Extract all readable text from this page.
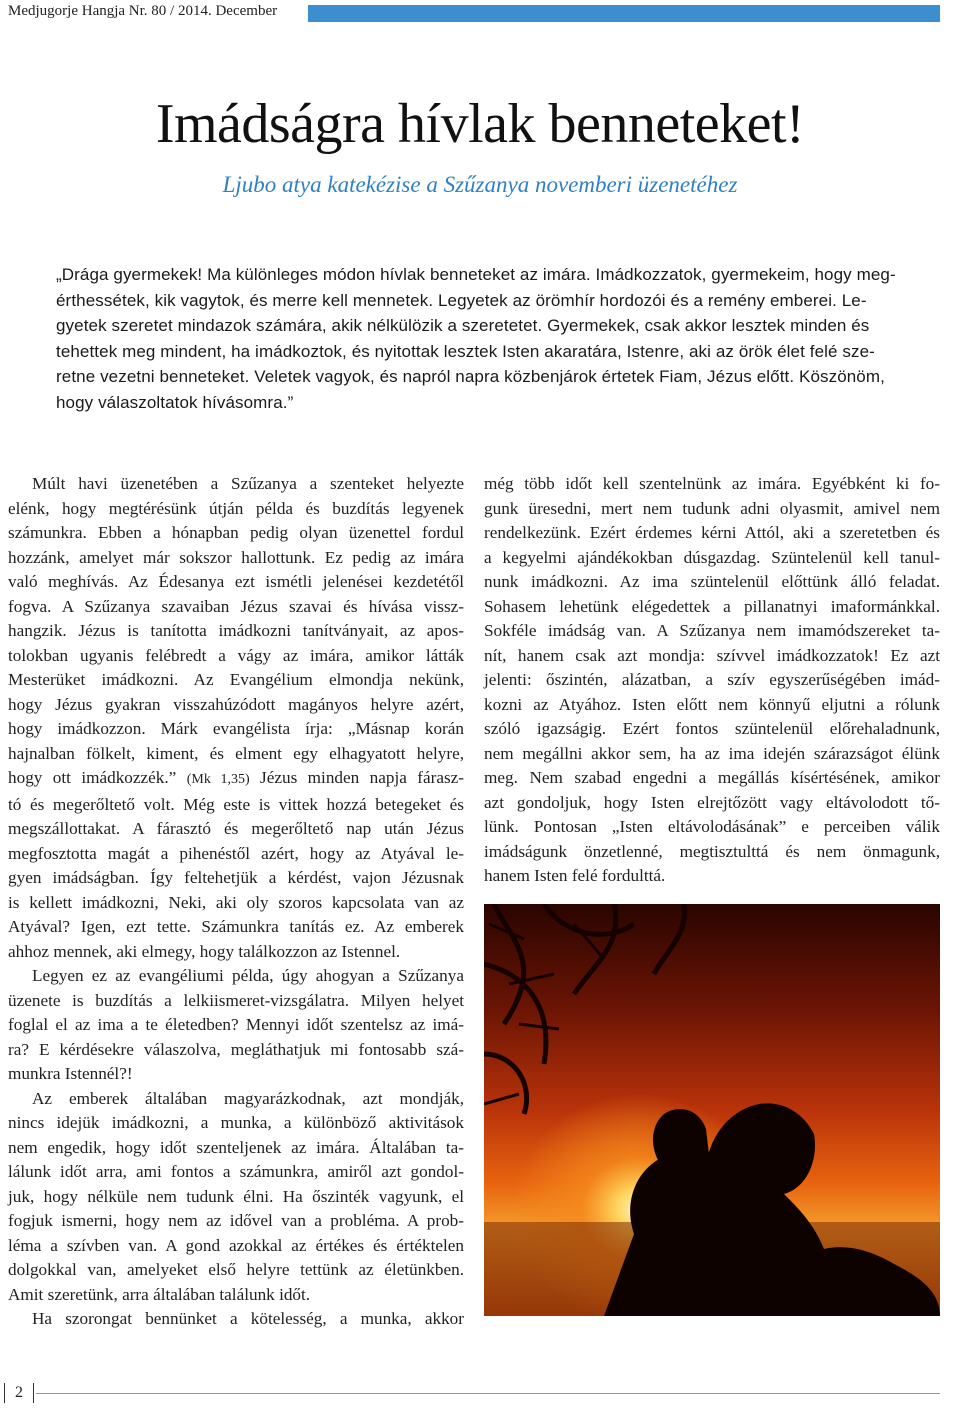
Medjugorje Hangja Nr. 80 / 2014. December
Imádságra hívlak benneteket!
Ljubo atya katekézise a Szűzanya novemberi üzenetéhez
„Drága gyermekek! Ma különleges módon hívlak benneteket az imára. Imádkozzatok, gyermekeim, hogy meg-
érthessétek, kik vagytok, és merre kell mennetek. Legyetek az örömhír hordozói és a remény emberei. Le-
gyetek szeretet mindazok számára, akik nélkülözik a szeretetet. Gyermekek, csak akkor lesztek minden és
tehettek meg mindent, ha imádkoztok, és nyitottak lesztek Isten akaratára, Istenre, aki az örök élet felé sze-
retne vezetni benneteket. Veletek vagyok, és napról napra közbenjárok értetek Fiam, Jézus előtt. Köszönöm,
hogy válaszoltatok hívásomra.”
Múlt havi üzenetében a Szűzanya a szenteket helyezte
elénk, hogy megtérésünk útján példa és buzdítás legyenek
számunkra. Ebben a hónapban pedig olyan üzenettel fordul
hozzánk, amelyet már sokszor hallottunk. Ez pedig az imára
való meghívás. Az Édesanya ezt ismétli jelenései kezdetétől
fogva. A Szűzanya szavaiban Jézus szavai és hívása vissz-
hangzik. Jézus is tanította imádkozni tanítványait, az apos-
tolokban ugyanis felébredt a vágy az imára, amikor látták
Mesterüket imádkozni. Az Evangélium elmondja nekünk,
hogy Jézus gyakran visszahúzódott magányos helyre azért,
hogy imádkozzon. Márk evangélista írja: „Másnap korán
hajnalban fölkelt, kiment, és elment egy elhagyatott helyre,
hogy ott imádkozzék.” (Mk 1,35) Jézus minden napja fárasz-
tó és megerőltető volt. Még este is vittek hozzá betegeket és
megszállottakat. A fárasztó és megerőltető nap után Jézus
megfosztotta magát a pihenéstől azért, hogy az Atyával le-
gyen imádságban. Így feltehetjük a kérdést, vajon Jézusnak
is kellett imádkozni, Neki, aki oly szoros kapcsolata van az
Atyával? Igen, ezt tette. Számunkra tanítás ez. Az emberek
ahhoz mennek, aki elmegy, hogy találkozzon az Istennel.
Legyen ez az evangéliumi példa, úgy ahogyan a Szűzanya
üzenete is buzdítás a lelkiismeret-vizsgálatra. Milyen helyet
foglal el az ima a te életedben? Mennyi időt szentelsz az imá-
ra? E kérdésekre válaszolva, megláthatjuk mi fontosabb szá-
munkra Istennél?!
Az emberek általában magyarázkodnak, azt mondják,
nincs idejük imádkozni, a munka, a különböző aktivitások
nem engedik, hogy időt szenteljenek az imára. Általában ta-
lálunk időt arra, ami fontos a számunkra, amiről azt gondol-
juk, hogy nélküle nem tudunk élni. Ha őszinték vagyunk, el
fogjuk ismerni, hogy nem az idővel van a probléma. A prob-
léma a szívben van. A gond azokkal az értékes és értéktelen
dolgokkal van, amelyeket első helyre tettünk az életünkben.
Amit szeretünk, arra általában találunk időt.
Ha szorongat bennünket a kötelesség, a munka, akkor
még több időt kell szentelnünk az imára. Egyébként ki fo-
gunk üresedni, mert nem tudunk adni olyasmit, amivel nem
rendelkezünk. Ezért érdemes kérni Attól, aki a szeretetben és
a kegyelmi ajándékokban dúsgazdag. Szüntelenül kell tanul-
nunk imádkozni. Az ima szüntelenül előttünk álló feladat.
Sohasem lehetünk elégedettek a pillanatnyi imaformánkkal.
Sokféle imádság van. A Szűzanya nem imamódszereket ta-
nít, hanem csak azt mondja: szívvel imádkozzatok! Ez azt
jelenti: őszintén, alázatban, a szív egyszerűségében imád-
kozni az Atyához. Isten előtt nem könnyű eljutni a rólunk
szóló igazságig. Ezért fontos szüntelenül előrehaladnunk,
nem megállni akkor sem, ha az ima idején szárazságot élünk
meg. Nem szabad engedni a megállás kísértésének, amikor
azt gondoljuk, hogy Isten elrejtőzött vagy eltávolodott tő-
lünk. Pontosan „Isten eltávolodásának” e perceiben válik
imádságunk önzetlenné, megtisztulttá és nem önmagunk,
hanem Isten felé fordulttá.
2
